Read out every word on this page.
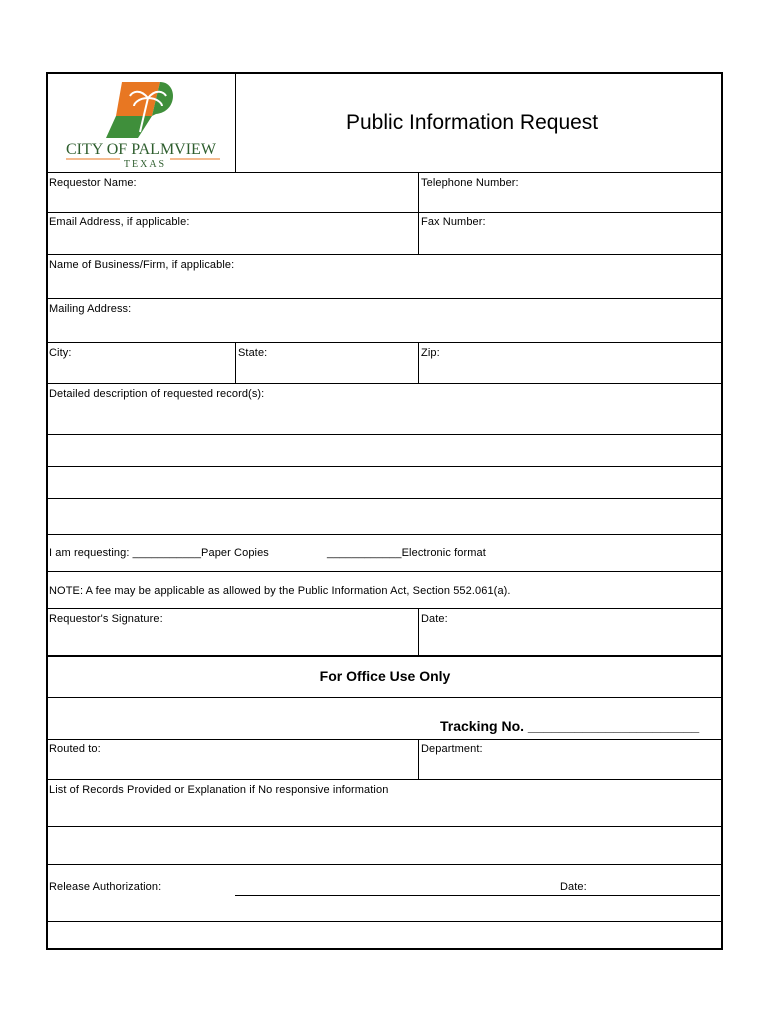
CITY OF PALMVIEW
TEXAS
Public Information Request
Requestor Name:	Telephone Number:
Email Address, if applicable:	Fax Number:
Name of Business/Firm, if applicable:
Mailing Address:
City:	State:	Zip:
Detailed description of requested record(s):
I am requesting: ___________Paper Copies	____________Electronic format
NOTE: A fee may be applicable as allowed by the Public Information Act, Section 552.061(a).
Requestor's Signature:	Date:
For Office Use Only
Tracking No. ______________________
Routed to:	Department:
List of Records Provided or Explanation if No responsive information
Release Authorization:	Date:
